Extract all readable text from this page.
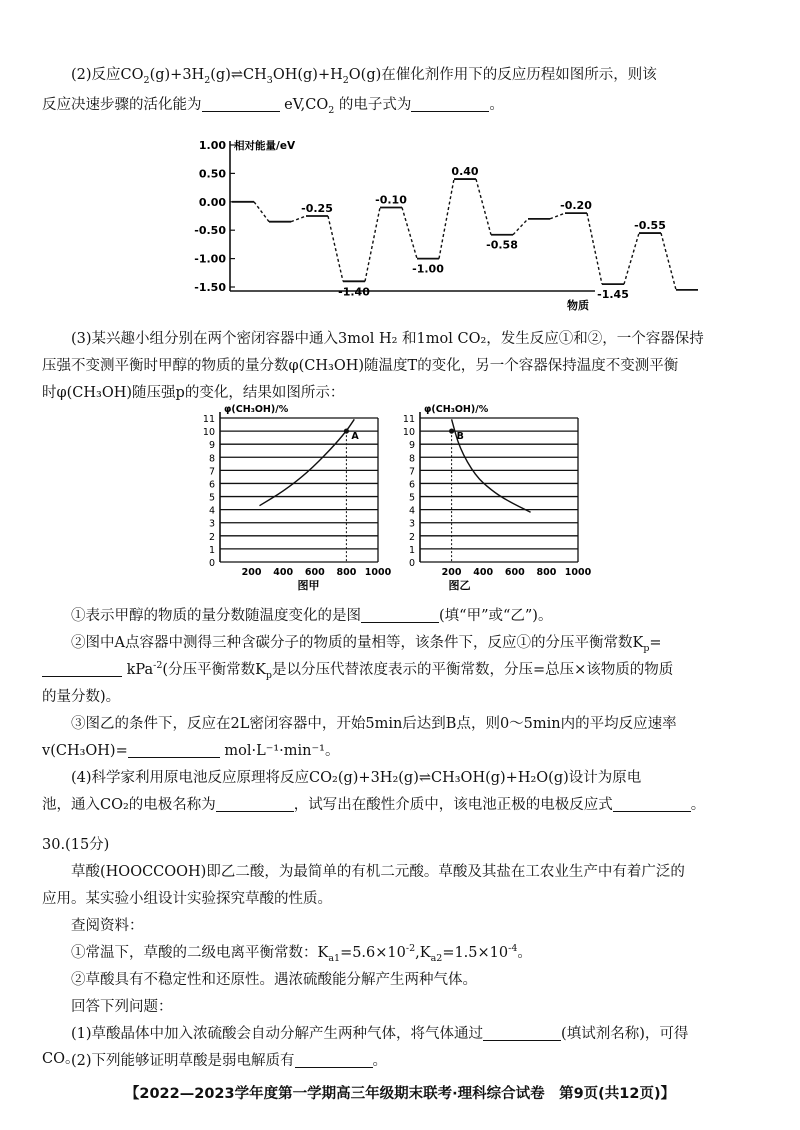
(2)反应$CO_2(g)+3H_2(g)\rightleftharpoons CH_3OH(g)+H_2O(g)$在催化剂作用下的反应历程如图所示，则该

反应决速步骤的活化能为	$eV,CO_2$ 的电子式为	。

1.00
0.50
0.00
-0.50
-1.00
-1.50
相对能量/eV
物质
-0.25
-1.40
-0.10
-1.00
0.40
-0.58
-0.20
-1.45
-0.55

(3)某兴趣小组分别在两个密闭容器中通入3mol H₂ 和1mol CO₂，发生反应①和②，一个容器保持

压强不变测平衡时甲醇的物质的量分数φ(CH₃OH)随温度T的变化，另一个容器保持温度不变测平衡

时φ(CH₃OH)随压强p的变化，结果如图所示：

0
1
2
3
4
5
6
7
8
9
10
11
φ(CH₃OH)/%
200 400 600 800 1000
图甲
A
0
1
2
3
4
5
6
7
8
9
10
11
φ(CH₃OH)/%
200 400 600 800 1000
图乙
B

①表示甲醇的物质的量分数随温度变化的是图	(填“甲”或“乙”)。

②图中A点容器中测得三种含碳分子的物质的量相等，该条件下，反应①的分压平衡常数$K_p=$

kPa$^{-2}$(分压平衡常数$K_p$是以分压代替浓度表示的平衡常数，分压=总压×该物质的物质

的量分数)。

③图乙的条件下，反应在2L密闭容器中，开始5min后达到B点，则0～5min内的平均反应速率

v(CH₃OH)=	mol·L⁻¹·min⁻¹。

(4)科学家利用原电池反应原理将反应CO₂(g)+3H₂(g)⇌CH₃OH(g)+H₂O(g)设计为原电

池，通入CO₂的电极名称为	，试写出在酸性介质中，该电池正极的电极反应式	。

30.(15分)

草酸(HOOCCOOH)即乙二酸，为最简单的有机二元酸。草酸及其盐在工农业生产中有着广泛的

应用。某实验小组设计实验探究草酸的性质。

查阅资料：

①常温下，草酸的二级电离平衡常数：$K_{a1}=5.6\times 10^{-2},K_{a2}=1.5\times 10^{-4}$。

②草酸具有不稳定性和还原性。遇浓硫酸能分解产生两种气体。

回答下列问题：

(1)草酸晶体中加入浓硫酸会自动分解产生两种气体，将气体通过	(填试剂名称)，可得

CO。

【2022—2023学年度第一学期高三年级期末联考·理科综合试卷　第9页(共12页)】

(2)下列能够证明草酸是弱电解质有	。
